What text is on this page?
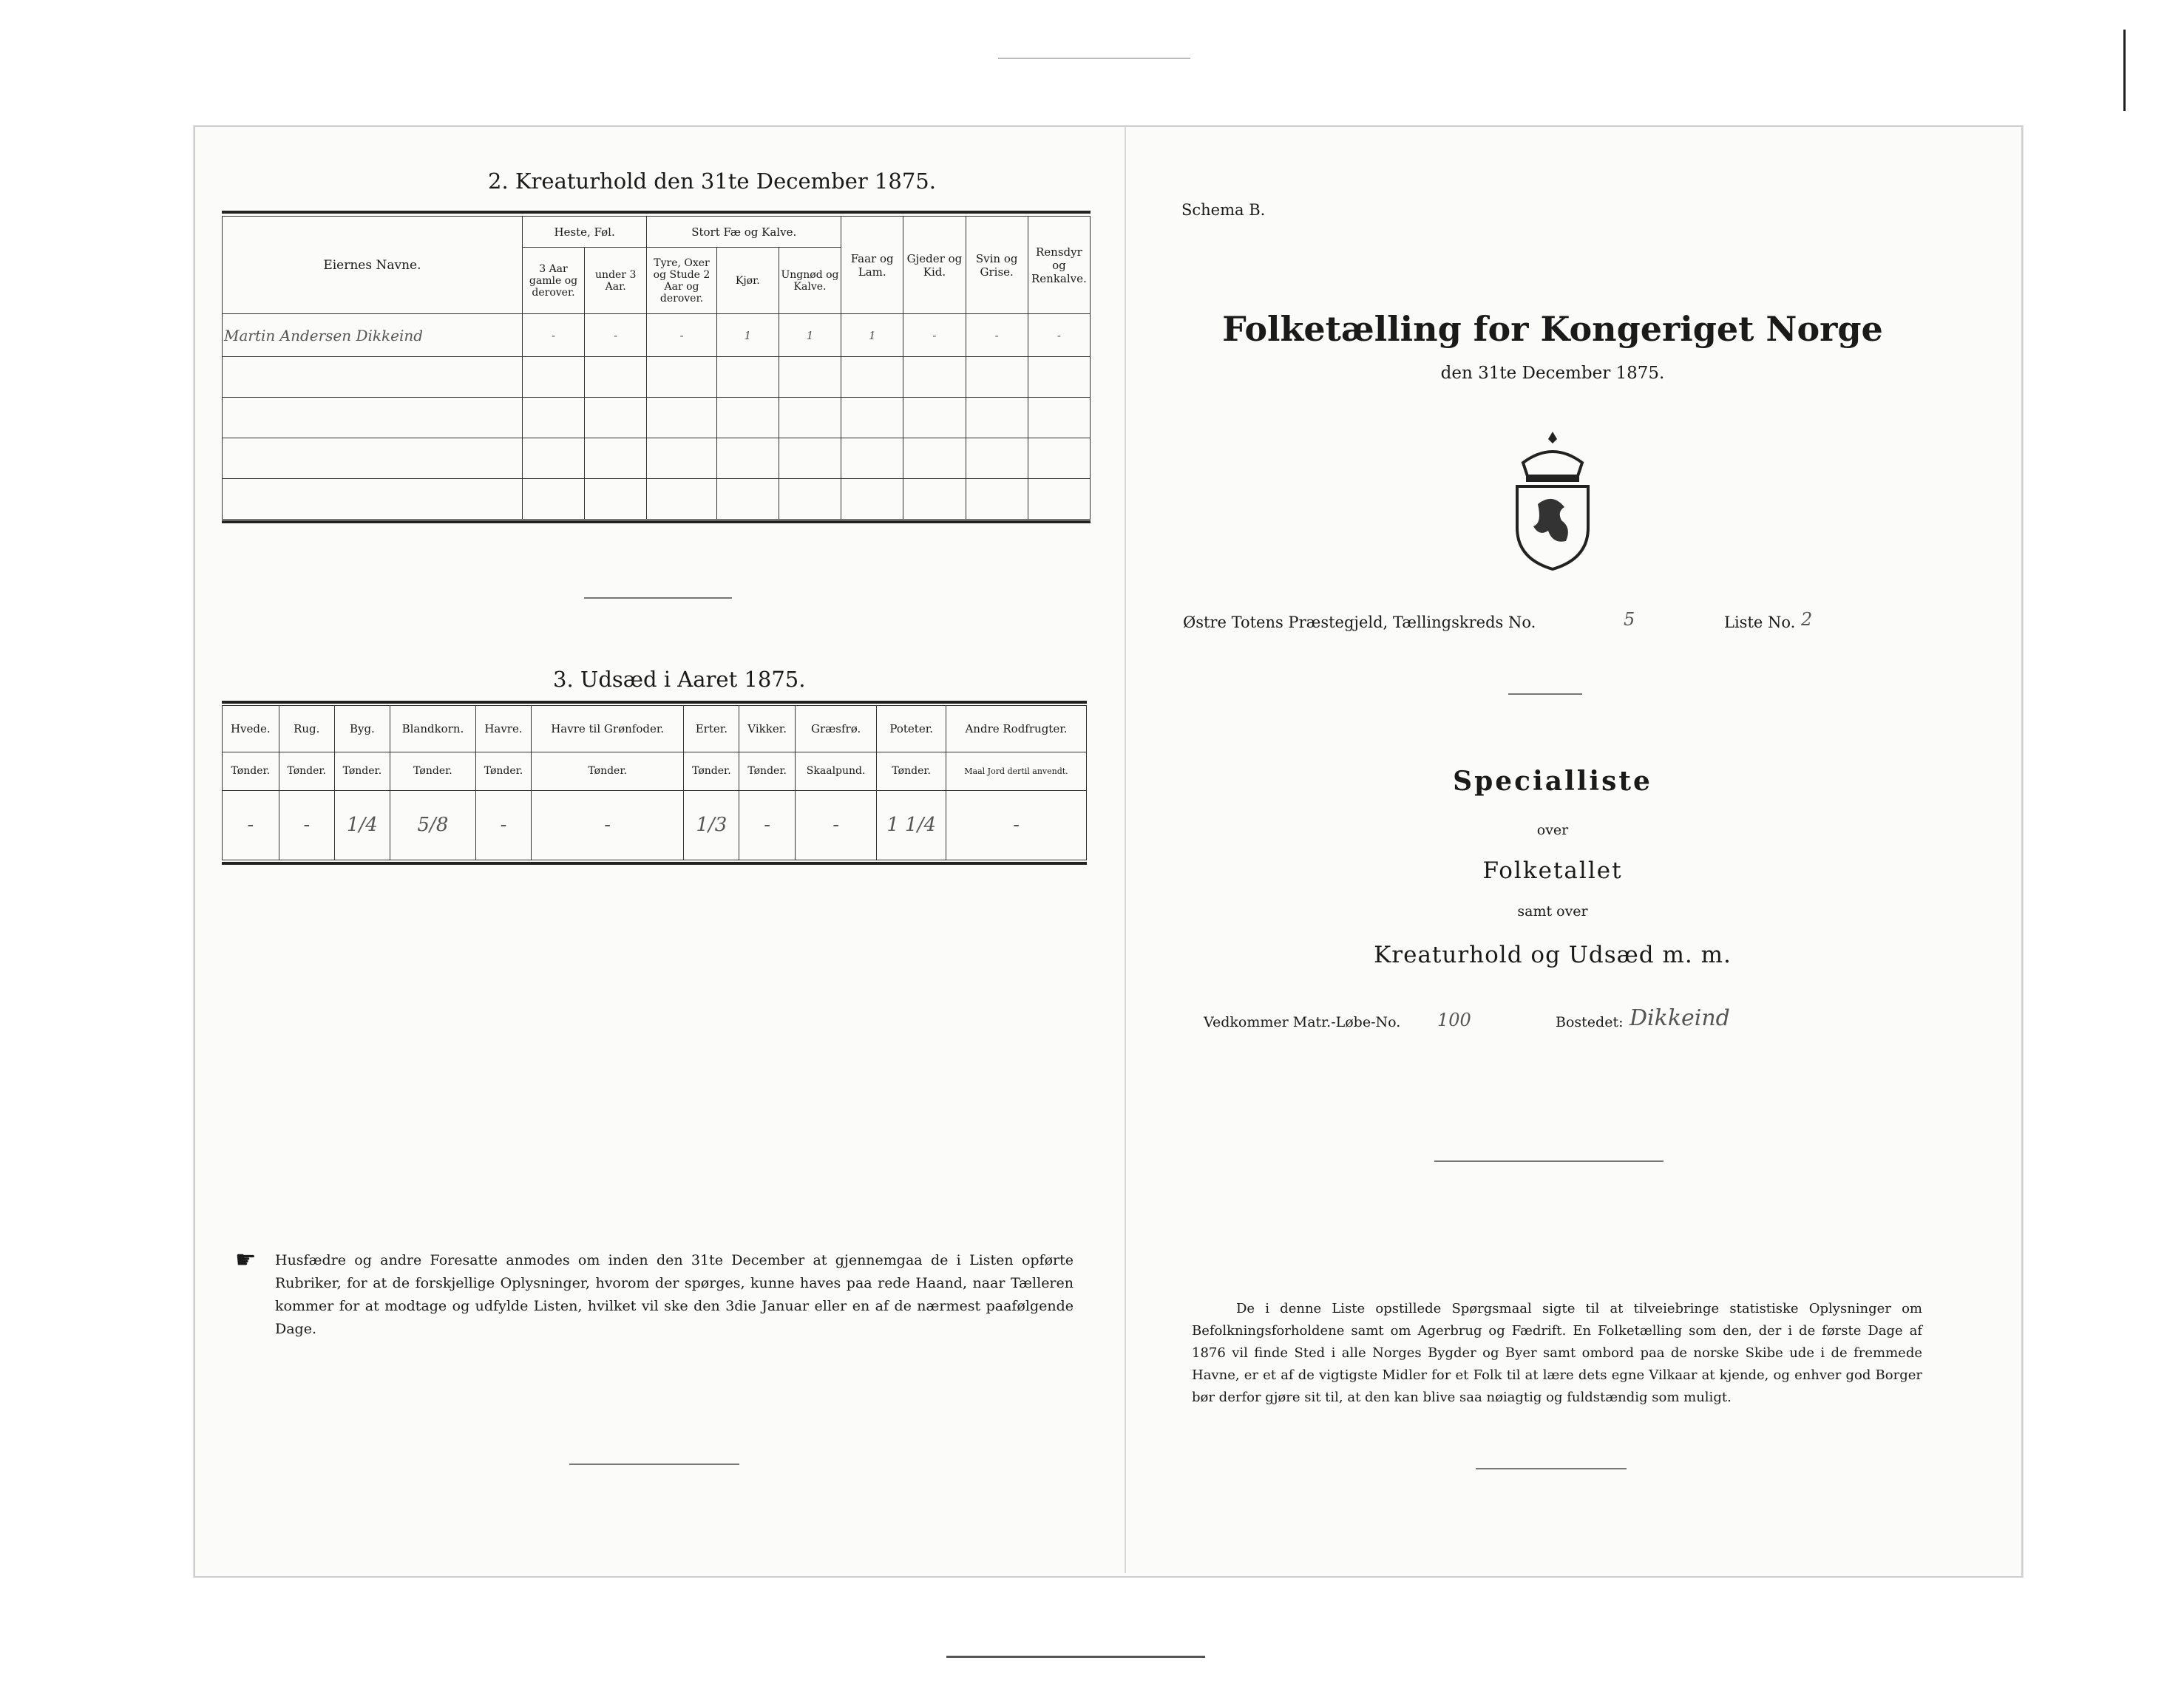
2. Kreaturhold den 31te December 1875.
Eiernes Navne.	Heste, Føl.		Stort Fæ og Kalve.			Faar og Lam.	Gjeder og Kid.	Svin og Grise.	Rensdyr og Renkalve.
	3 Aar gamle og derover.	under 3 Aar.	Tyre, Oxer og Stude 2 Aar og derover.	Kjør.	Ungnød og Kalve.				
Martin Andersen Dikkeind	-	-	-	1	1	1	-	-	-

3. Udsæd i Aaret 1875.
Hvede.	Rug.	Byg.	Blandkorn.	Havre.	Havre til Grønfoder.	Erter.	Vikker.	Græsfrø.	Poteter.	Andre Rodfrugter.
Tønder.	Tønder.	Tønder.	Tønder.	Tønder.	Tønder.	Tønder.	Tønder.	Skaalpund.	Tønder.	Maal Jord dertil anvendt.
-	-	1/4	5/8	-	-	1/3	-	-	1 1/4	-
☛ Husfædre og andre Foresatte anmodes om inden den 31te December at gjennemgaa de i Listen opførte Rubriker, for at de forskjellige Oplysninger, hvorom der spørges, kunne haves paa rede Haand, naar Tælleren kommer for at modtage og udfylde Listen, hvilket vil ske den 3die Januar eller en af de nærmest paafølgende Dage.
Schema B.
Folketælling for Kongeriget Norge
den 31te December 1875.
Østre Totens Præstegjeld, Tællingskreds No.	5	Liste No. 2
Specialliste
over
Folketallet
samt over
Kreaturhold og Udsæd m. m.
Vedkommer Matr.-Løbe-No. 100	Bostedet: Dikkeind
De i denne Liste opstillede Spørgsmaal sigte til at tilveiebringe statistiske Oplysninger om Befolkningsforholdene samt om Agerbrug og Fædrift. En Folketælling som den, der i de første Dage af 1876 vil finde Sted i alle Norges Bygder og Byer samt ombord paa de norske Skibe ude i de fremmede Havne, er et af de vigtigste Midler for et Folk til at lære dets egne Vilkaar at kjende, og enhver god Borger bør derfor gjøre sit til, at den kan blive saa nøiagtig og fuldstændig som muligt.
